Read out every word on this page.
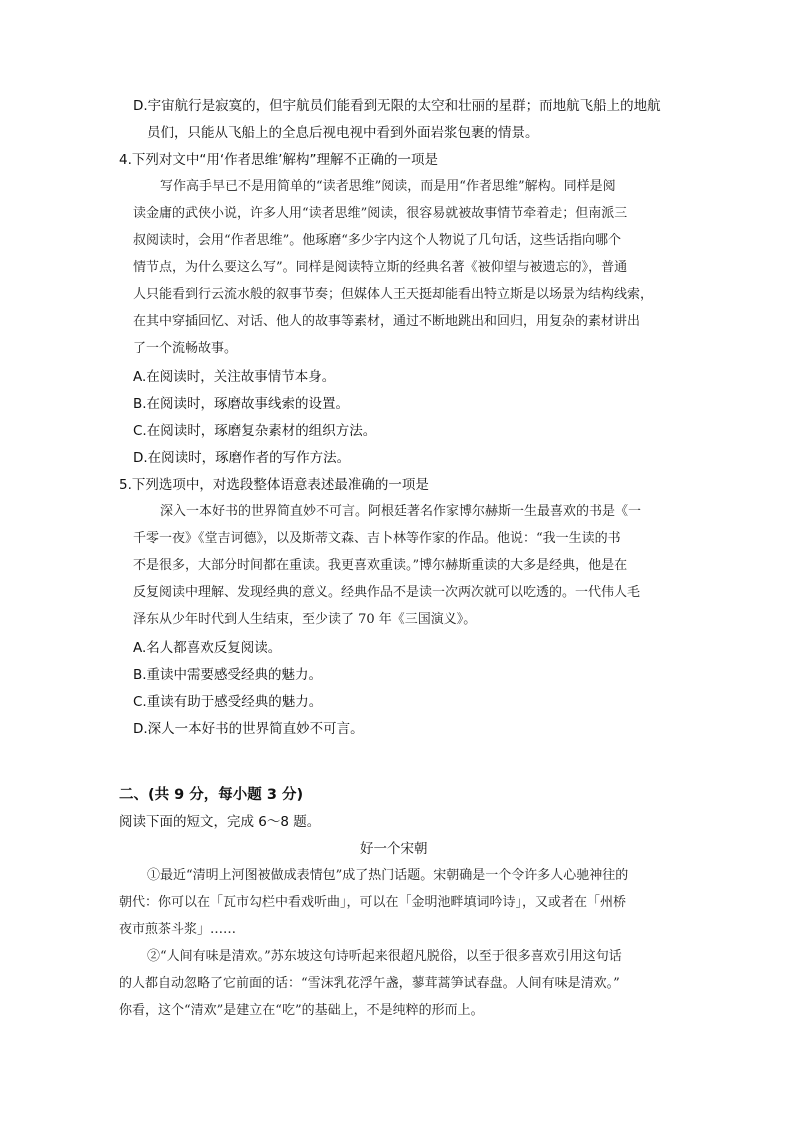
D.宇宙航行是寂寞的，但宇航员们能看到无限的太空和壮丽的星群；而地航飞船上的地航
员们，只能从飞船上的全息后视电视中看到外面岩浆包裹的情景。
4.下列对文中“用‘作者思维’解构”理解不正确的一项是
写作高手早已不是用简单的“读者思维”阅读，而是用“作者思维”解构。同样是阅
读金庸的武侠小说，许多人用“读者思维”阅读，很容易就被故事情节牵着走；但南派三
叔阅读时，会用“作者思维”。他琢磨“多少字内这个人物说了几句话，这些话指向哪个
情节点，为什么要这么写”。同样是阅读特立斯的经典名著《被仰望与被遗忘的》，普通
人只能看到行云流水般的叙事节奏；但媒体人王天挺却能看出特立斯是以场景为结构线索，
在其中穿插回忆、对话、他人的故事等素材，通过不断地跳出和回归，用复杂的素材讲出
了一个流畅故事。
A.在阅读时，关注故事情节本身。
B.在阅读时，琢磨故事线索的设置。
C.在阅读时，琢磨复杂素材的组织方法。
D.在阅读时，琢磨作者的写作方法。
5.下列选项中，对选段整体语意表述最准确的一项是
深入一本好书的世界简直妙不可言。阿根廷著名作家博尔赫斯一生最喜欢的书是《一
千零一夜》《堂吉诃德》，以及斯蒂文森、吉卜林等作家的作品。他说：“我一生读的书
不是很多，大部分时间都在重读。我更喜欢重读。”博尔赫斯重读的大多是经典，他是在
反复阅读中理解、发现经典的意义。经典作品不是读一次两次就可以吃透的。一代伟人毛
泽东从少年时代到人生结束，至少读了 70 年《三国演义》。
A.名人都喜欢反复阅读。
B.重读中需要感受经典的魅力。
C.重读有助于感受经典的魅力。
D.深人一本好书的世界简直妙不可言。
二、(共 9 分，每小题 3 分)
阅读下面的短文，完成 6～8 题。
好一个宋朝
①最近“清明上河图被做成表情包”成了热门话题。宋朝确是一个令许多人心驰神往的
朝代：你可以在「瓦市勾栏中看戏听曲」，可以在「金明池畔填词吟诗」，又或者在「州桥
夜市煎茶斗浆」……
②“人间有味是清欢。”苏东坡这句诗听起来很超凡脱俗，以至于很多喜欢引用这句话
的人都自动忽略了它前面的话：“雪沫乳花浮午盏，蓼茸蒿笋试春盘。人间有味是清欢。”
你看，这个“清欢”是建立在“吃”的基础上，不是纯粹的形而上。
